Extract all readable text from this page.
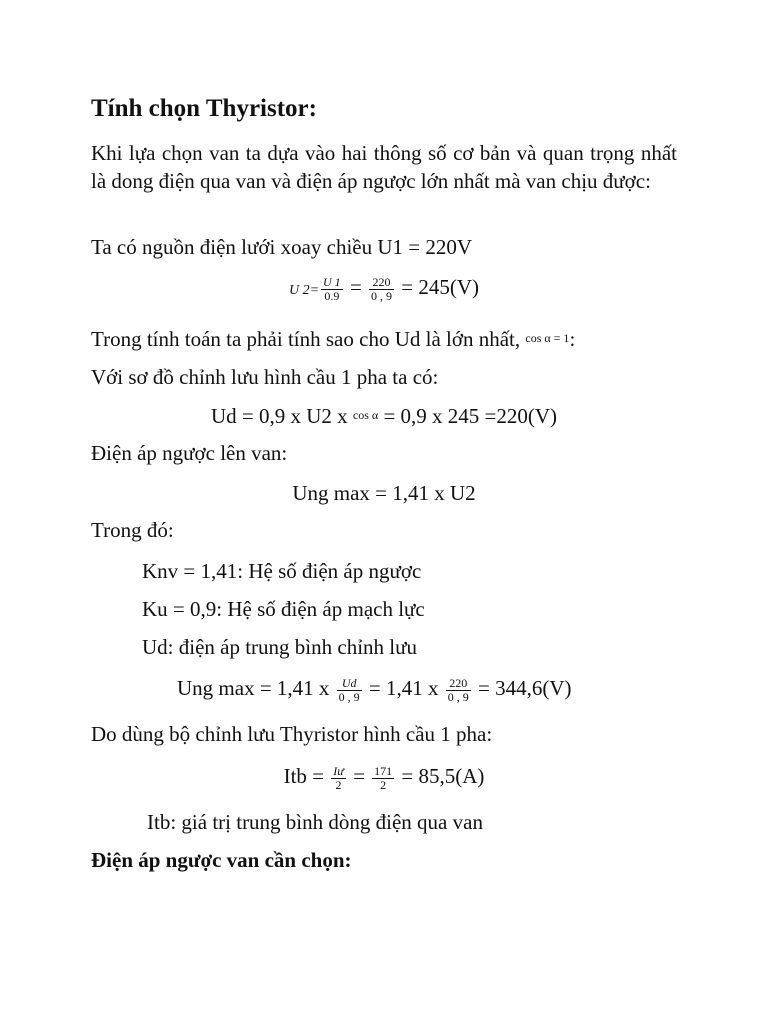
Tính chọn Thyristor:

Khi lựa chọn van ta dựa vào hai thông số cơ bản và quan trọng nhất là dong điện qua van và điện áp ngược lớn nhất mà van chịu được:

Ta có nguồn điện lưới xoay chiều U1 = 220V

U $2= \frac{U 1}{0.9} = \frac{220}{0 , 9} = 245(V)$

Trong tính toán ta phải tính sao cho Ud là lớn nhất, cos α = 1:

Với sơ đồ chỉnh lưu hình cầu 1 pha ta có:

Ud = 0,9 x U2 x cos α = 0,9 x 245 =220(V)

Điện áp ngược lên van:

Ung max = 1,41 x U2

Trong đó:

Knv = 1,41: Hệ số điện áp ngược

Ku = 0,9: Hệ số điện áp mạch lực

Ud: điện áp trung bình chỉnh lưu

Ung max = 1,41 x $\frac{Ud}{0 , 9} = 1,41$ x $\frac{220}{0 , 9} = 344,6(V)$

Do dùng bộ chỉnh lưu Thyristor hình cầu 1 pha:

Itb = $\frac{Iư}{2} = \frac{171}{2} = 85,5(A)$

Itb: giá trị trung bình dòng điện qua van

Điện áp ngược van cần chọn:
